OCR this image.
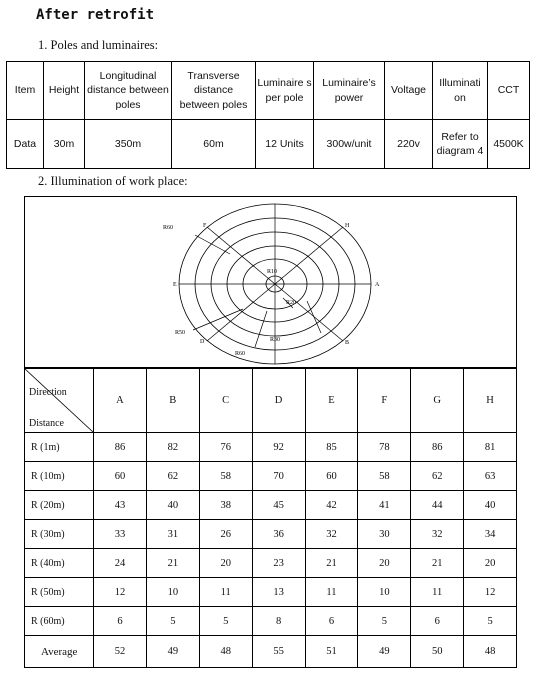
After retrofit
1. Poles and luminaires:
Item	Height	Longitudinal distance between poles	Transverse distance between poles	Luminaire s per pole	Luminaire’s power	Voltage	Illuminati on	CCT
Data	30m	350m	60m	12 Units	300w/unit	220v	Refer to diagram 4	4500K
2. Illumination of work place:
E	A
F	H
B
D
R60
R50
R60
R10
R20
R30
Direction
Distance	A	B	C	D	E	F	G	H
R (1m)	86	82	76	92	85	78	86	81
R (10m)	60	62	58	70	60	58	62	63
R (20m)	43	40	38	45	42	41	44	40
R (30m)	33	31	26	36	32	30	32	34
R (40m)	24	21	20	23	21	20	21	20
R (50m)	12	10	11	13	11	10	11	12
R (60m)	6	5	5	8	6	5	6	5
Average	52	49	48	55	51	49	50	48
